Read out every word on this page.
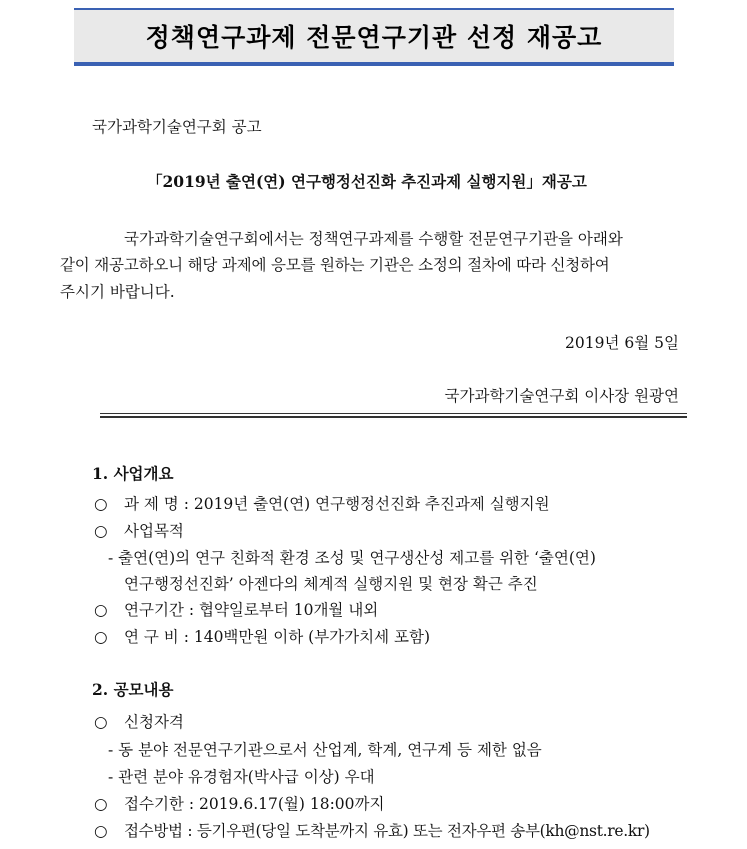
정책연구과제 전문연구기관 선정 재공고
국가과학기술연구회 공고
「2019년 출연(연) 연구행정선진화 추진과제 실행지원」재공고
국가과학기술연구회에서는 정책연구과제를 수행할 전문연구기관을 아래와
같이 재공고하오니 해당 과제에 응모를 원하는 기관은 소정의 절차에 따라 신청하여
주시기 바랍니다.
2019년 6월 5일
국가과학기술연구회 이사장 원광연
1. 사업개요
○ 과 제 명 : 2019년 출연(연) 연구행정선진화 추진과제 실행지원
○ 사업목적
- 출연(연)의 연구 친화적 환경 조성 및 연구생산성 제고를 위한 ‘출연(연)
연구행정선진화’ 아젠다의 체계적 실행지원 및 현장 확근 추진
○ 연구기간 : 협약일로부터 10개월 내외
○ 연 구 비 : 140백만원 이하 (부가가치세 포함)
2. 공모내용
○ 신청자격
- 동 분야 전문연구기관으로서 산업계, 학계, 연구계 등 제한 없음
- 관련 분야 유경험자(박사급 이상) 우대
○ 접수기한 : 2019.6.17(월) 18:00까지
○ 접수방법 : 등기우편(당일 도착분까지 유효) 또는 전자우편 송부(kh@nst.re.kr)
